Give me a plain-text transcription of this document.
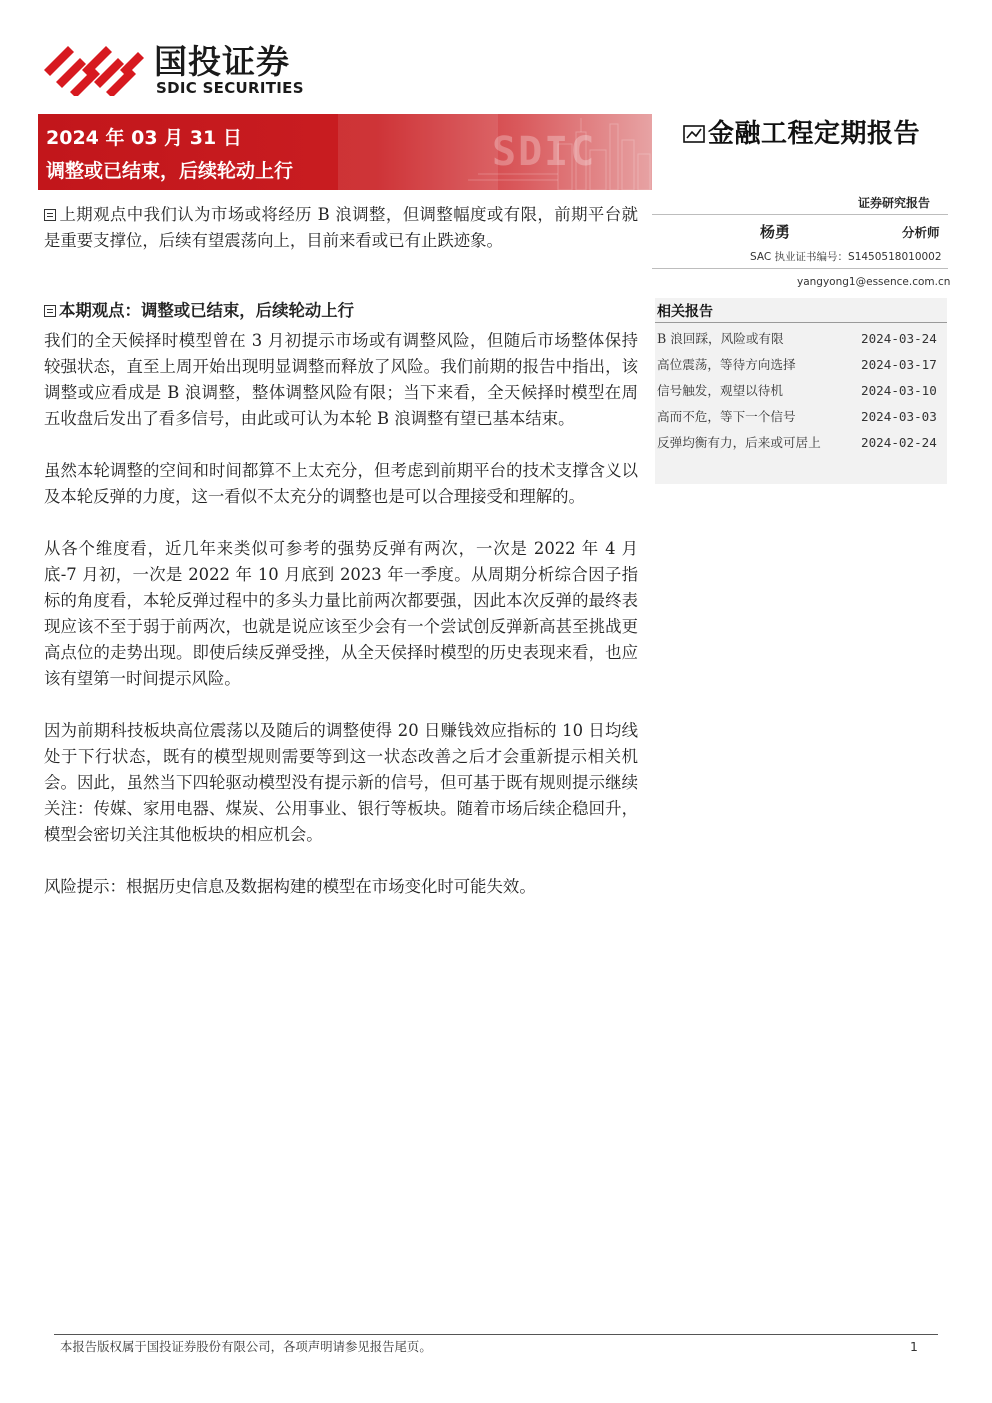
国投证券
SDIC SECURITIES
SDIC
2024 年 03 月 31 日
调整或已结束，后续轮动上行
金融工程定期报告
证券研究报告
杨勇	分析师
SAC 执业证书编号：S1450518010002
yangyong1@essence.com.cn

上期观点中我们认为市场或将经历 B 浪调整，但调整幅度或有限，前期平台就是重要支撑位，后续有望震荡向上，目前来看或已有止跌迹象。

本期观点：调整或已结束，后续轮动上行

我们的全天候择时模型曾在 3 月初提示市场或有调整风险，但随后市场整体保持较强状态，直至上周开始出现明显调整而释放了风险。我们前期的报告中指出，该调整或应看成是 B 浪调整，整体调整风险有限；当下来看，全天候择时模型在周五收盘后发出了看多信号，由此或可认为本轮 B 浪调整有望已基本结束。

虽然本轮调整的空间和时间都算不上太充分，但考虑到前期平台的技术支撑含义以及本轮反弹的力度，这一看似不太充分的调整也是可以合理接受和理解的。

从各个维度看，近几年来类似可参考的强势反弹有两次，一次是 2022 年 4 月底-7 月初，一次是 2022 年 10 月底到 2023 年一季度。从周期分析综合因子指标的角度看，本轮反弹过程中的多头力量比前两次都要强，因此本次反弹的最终表现应该不至于弱于前两次，也就是说应该至少会有一个尝试创反弹新高甚至挑战更高点位的走势出现。即使后续反弹受挫，从全天侯择时模型的历史表现来看，也应该有望第一时间提示风险。

因为前期科技板块高位震荡以及随后的调整使得 20 日赚钱效应指标的 10 日均线处于下行状态，既有的模型规则需要等到这一状态改善之后才会重新提示相关机会。因此，虽然当下四轮驱动模型没有提示新的信号，但可基于既有规则提示继续关注：传媒、家用电器、煤炭、公用事业、银行等板块。随着市场后续企稳回升，模型会密切关注其他板块的相应机会。

风险提示：根据历史信息及数据构建的模型在市场变化时可能失效。

相关报告
B 浪回踩，风险或有限	2024-03-24
高位震荡，等待方向选择	2024-03-17
信号触发，观望以待机	2024-03-10
高而不危，等下一个信号	2024-03-03
反弹均衡有力，后来或可居上	2024-02-24
本报告版权属于国投证券股份有限公司，各项声明请参见报告尾页。	1
